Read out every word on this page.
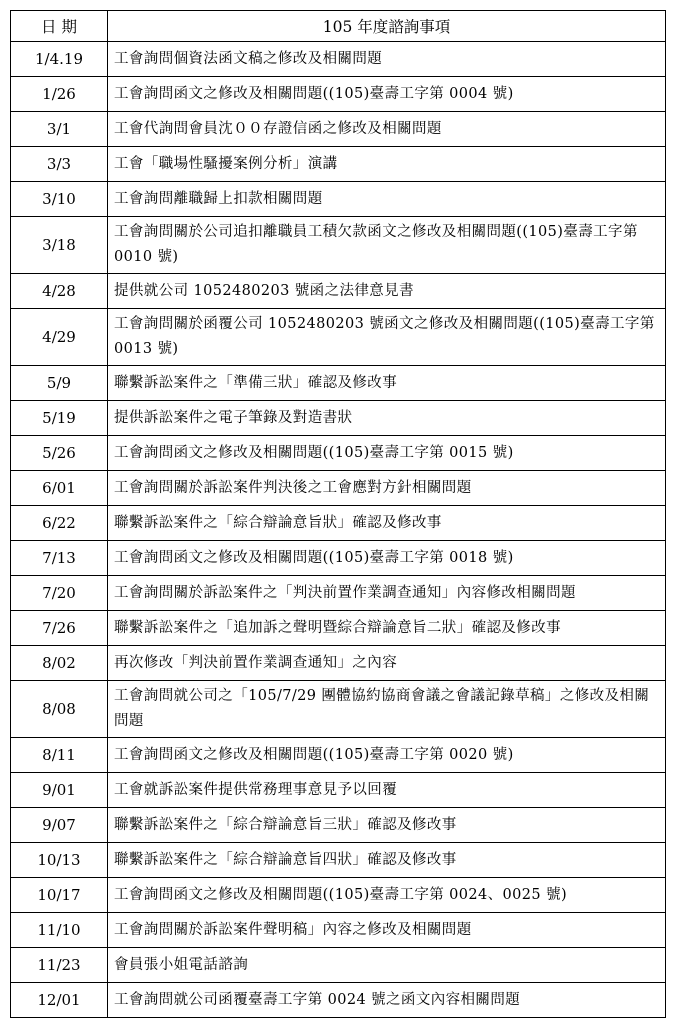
日 期	105 年度諮詢事項
1/4.19	工會詢問個資法函文稿之修改及相關問題
1/26	工會詢問函文之修改及相關問題((105)臺壽工字第 0004 號)
3/1	工會代詢問會員沈００存證信函之修改及相關問題
3/3	工會「職場性騷擾案例分析」演講
3/10	工會詢問離職歸上扣款相關問題
3/18	工會詢問關於公司追扣離職員工積欠款函文之修改及相關問題((105)臺壽工字第 0010 號)
4/28	提供就公司 1052480203 號函之法律意見書
4/29	工會詢問關於函覆公司 1052480203 號函文之修改及相關問題((105)臺壽工字第 0013 號)
5/9	聯繫訴訟案件之「準備三狀」確認及修改事
5/19	提供訴訟案件之電子筆錄及對造書狀
5/26	工會詢問函文之修改及相關問題((105)臺壽工字第 0015 號)
6/01	工會詢問關於訴訟案件判決後之工會應對方針相關問題
6/22	聯繫訴訟案件之「綜合辯論意旨狀」確認及修改事
7/13	工會詢問函文之修改及相關問題((105)臺壽工字第 0018 號)
7/20	工會詢問關於訴訟案件之「判決前置作業調查通知」內容修改相關問題
7/26	聯繫訴訟案件之「追加訴之聲明暨綜合辯論意旨二狀」確認及修改事
8/02	再次修改「判決前置作業調查通知」之內容
8/08	工會詢問就公司之「105/7/29 團體協約協商會議之會議記錄草稿」之修改及相關問題
8/11	工會詢問函文之修改及相關問題((105)臺壽工字第 0020 號)
9/01	工會就訴訟案件提供常務理事意見予以回覆
9/07	聯繫訴訟案件之「綜合辯論意旨三狀」確認及修改事
10/13	聯繫訴訟案件之「綜合辯論意旨四狀」確認及修改事
10/17	工會詢問函文之修改及相關問題((105)臺壽工字第 0024、0025 號)
11/10	工會詢問關於訴訟案件聲明稿」內容之修改及相關問題
11/23	會員張小姐電話諮詢
12/01	工會詢問就公司函覆臺壽工字第 0024 號之函文內容相關問題
